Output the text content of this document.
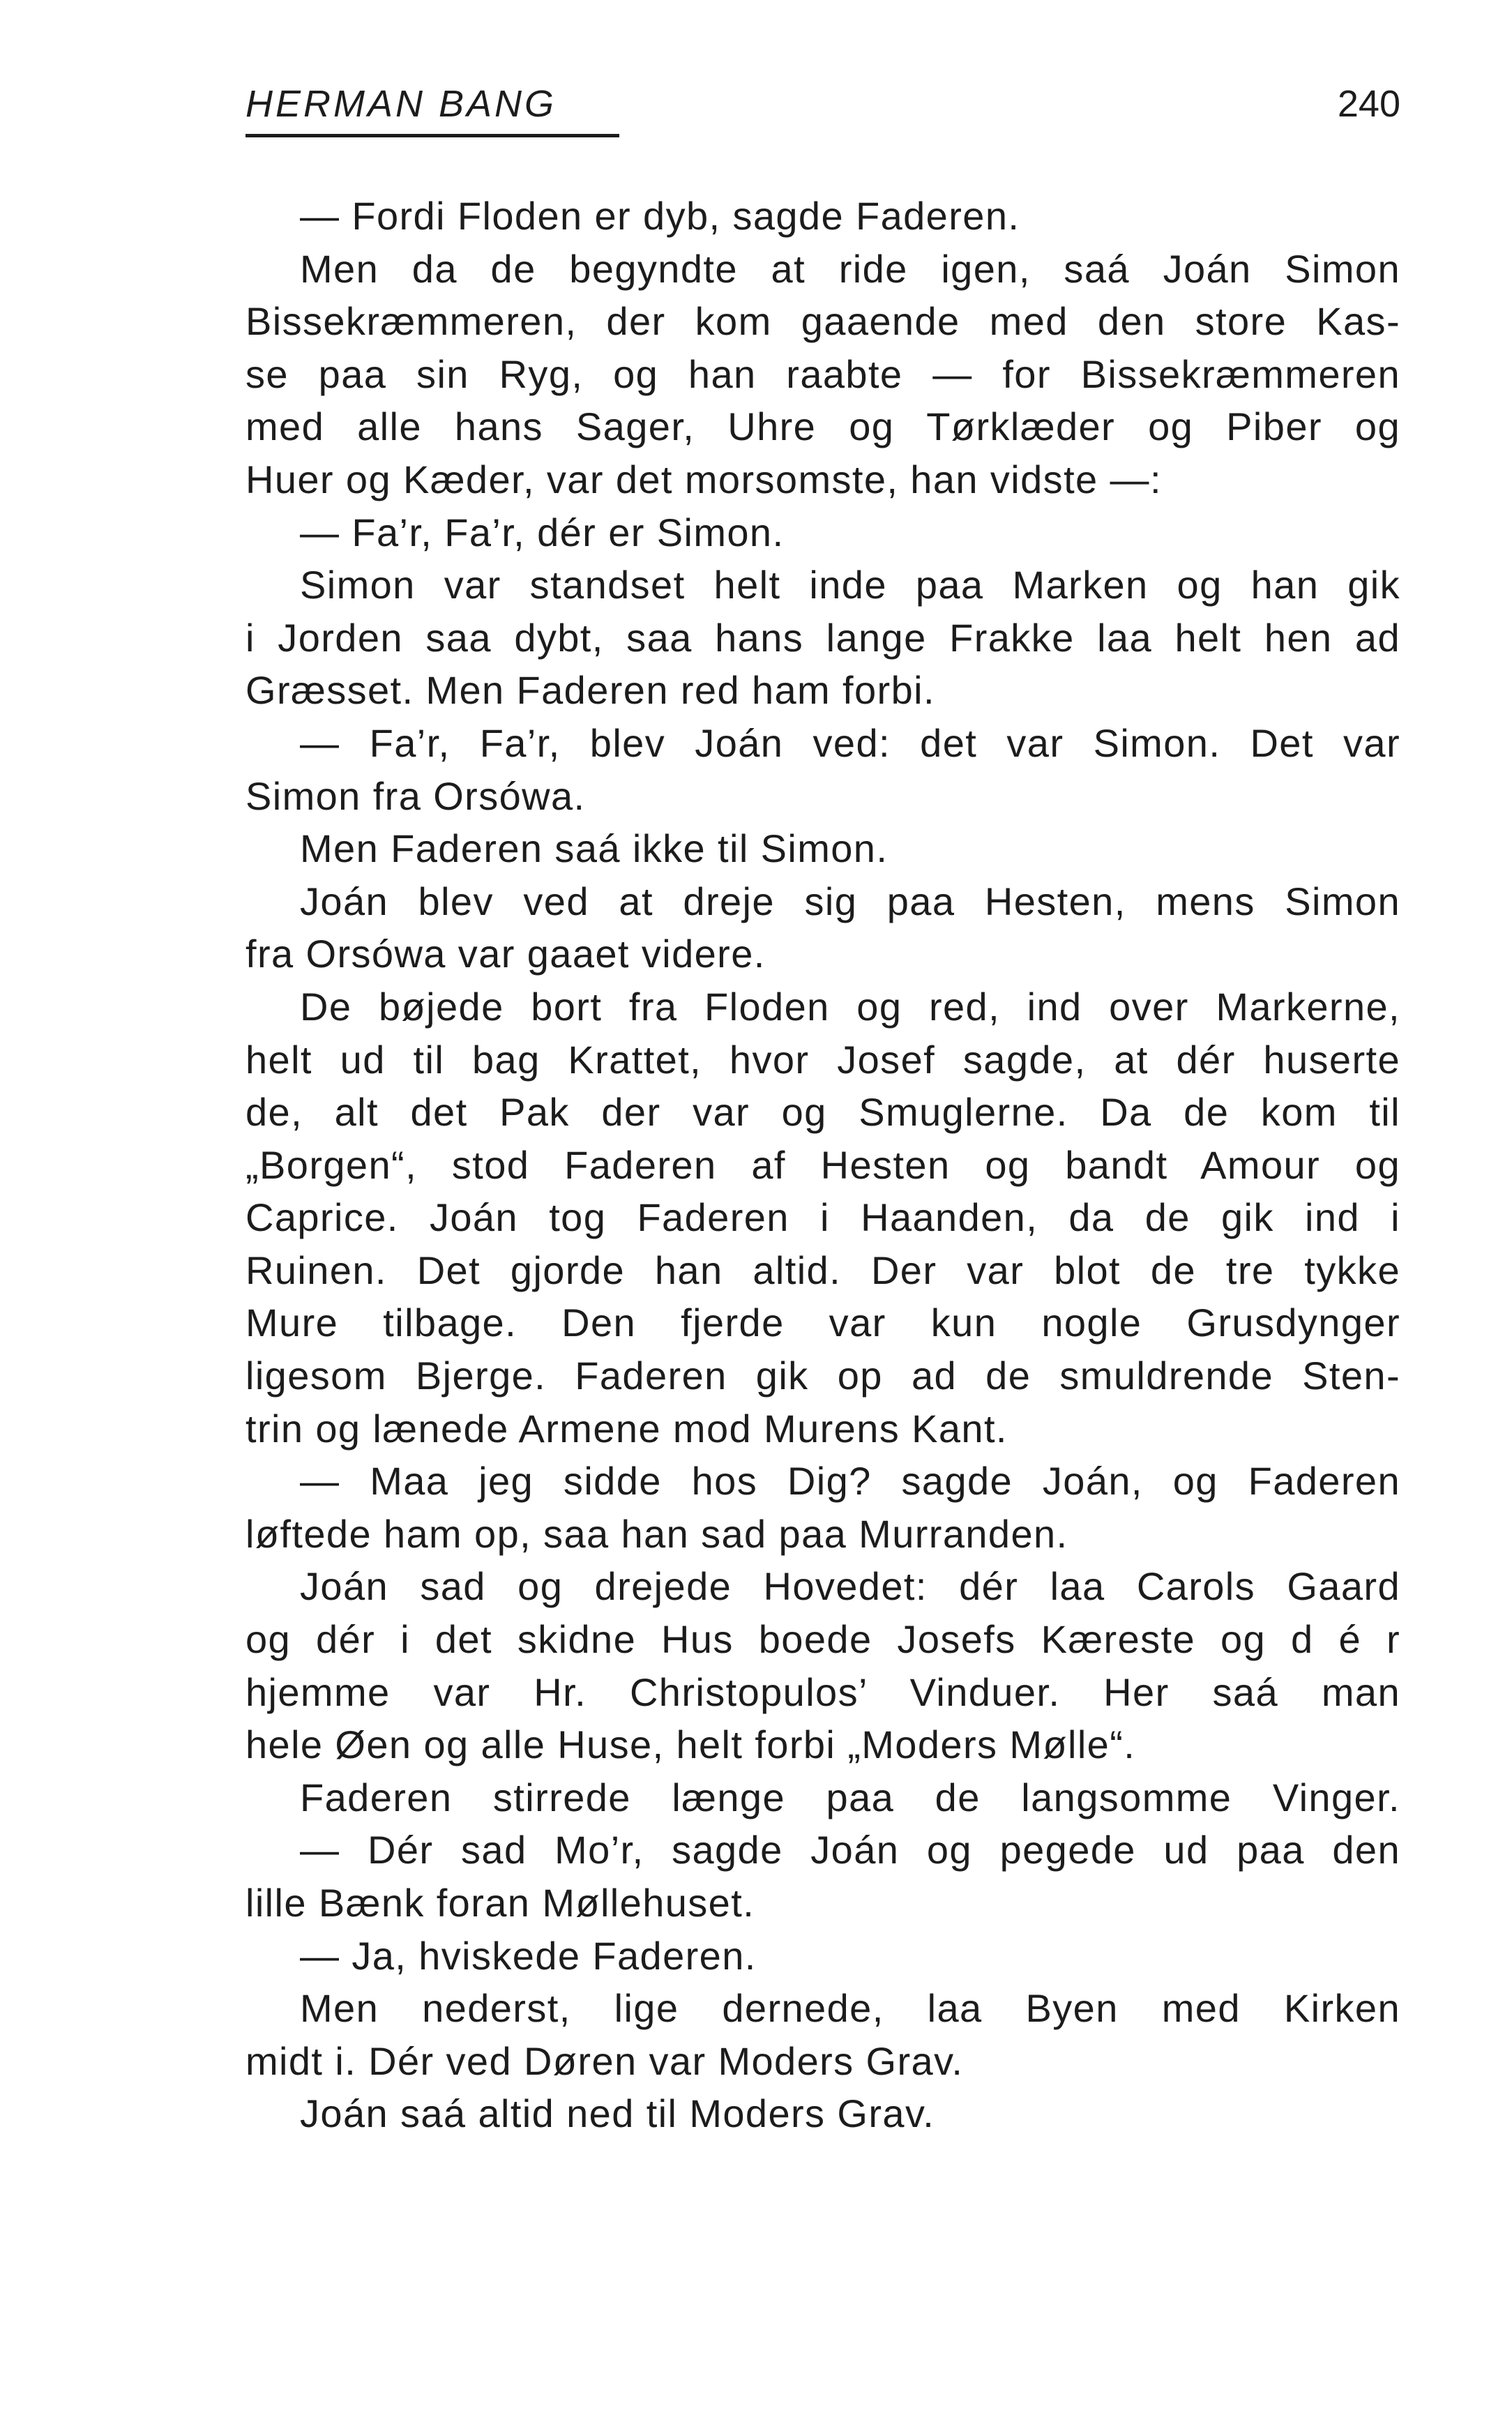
HERMAN BANG	240
— Fordi Floden er dyb, sagde Faderen.
Men da de begyndte at ride igen, saá Joán Simon
Bissekræmmeren, der kom gaaende med den store Kas-
se paa sin Ryg, og han raabte — for Bissekræmmeren
med alle hans Sager, Uhre og Tørklæder og Piber og
Huer og Kæder, var det morsomste, han vidste —:
— Fa’r, Fa’r, dér er Simon.
Simon var standset helt inde paa Marken og han gik
i Jorden saa dybt, saa hans lange Frakke laa helt hen ad
Græsset. Men Faderen red ham forbi.
— Fa’r, Fa’r, blev Joán ved: det var Simon. Det var
Simon fra Orsówa.
Men Faderen saá ikke til Simon.
Joán blev ved at dreje sig paa Hesten, mens Simon
fra Orsówa var gaaet videre.
De bøjede bort fra Floden og red, ind over Markerne,
helt ud til bag Krattet, hvor Josef sagde, at dér huserte
de, alt det Pak der var og Smuglerne. Da de kom til
„Borgen“, stod Faderen af Hesten og bandt Amour og
Caprice. Joán tog Faderen i Haanden, da de gik ind i
Ruinen. Det gjorde han altid. Der var blot de tre tykke
Mure tilbage. Den fjerde var kun nogle Grusdynger
ligesom Bjerge. Faderen gik op ad de smuldrende Sten-
trin og lænede Armene mod Murens Kant.
— Maa jeg sidde hos Dig? sagde Joán, og Faderen
løftede ham op, saa han sad paa Murranden.
Joán sad og drejede Hovedet: dér laa Carols Gaard
og dér i det skidne Hus boede Josefs Kæreste og d é r
hjemme var Hr. Christopulos’ Vinduer. Her saá man
hele Øen og alle Huse, helt forbi „Moders Mølle“.
Faderen stirrede længe paa de langsomme Vinger.
— Dér sad Mo’r, sagde Joán og pegede ud paa den
lille Bænk foran Møllehuset.
— Ja, hviskede Faderen.
Men nederst, lige dernede, laa Byen med Kirken
midt i. Dér ved Døren var Moders Grav.
Joán saá altid ned til Moders Grav.
